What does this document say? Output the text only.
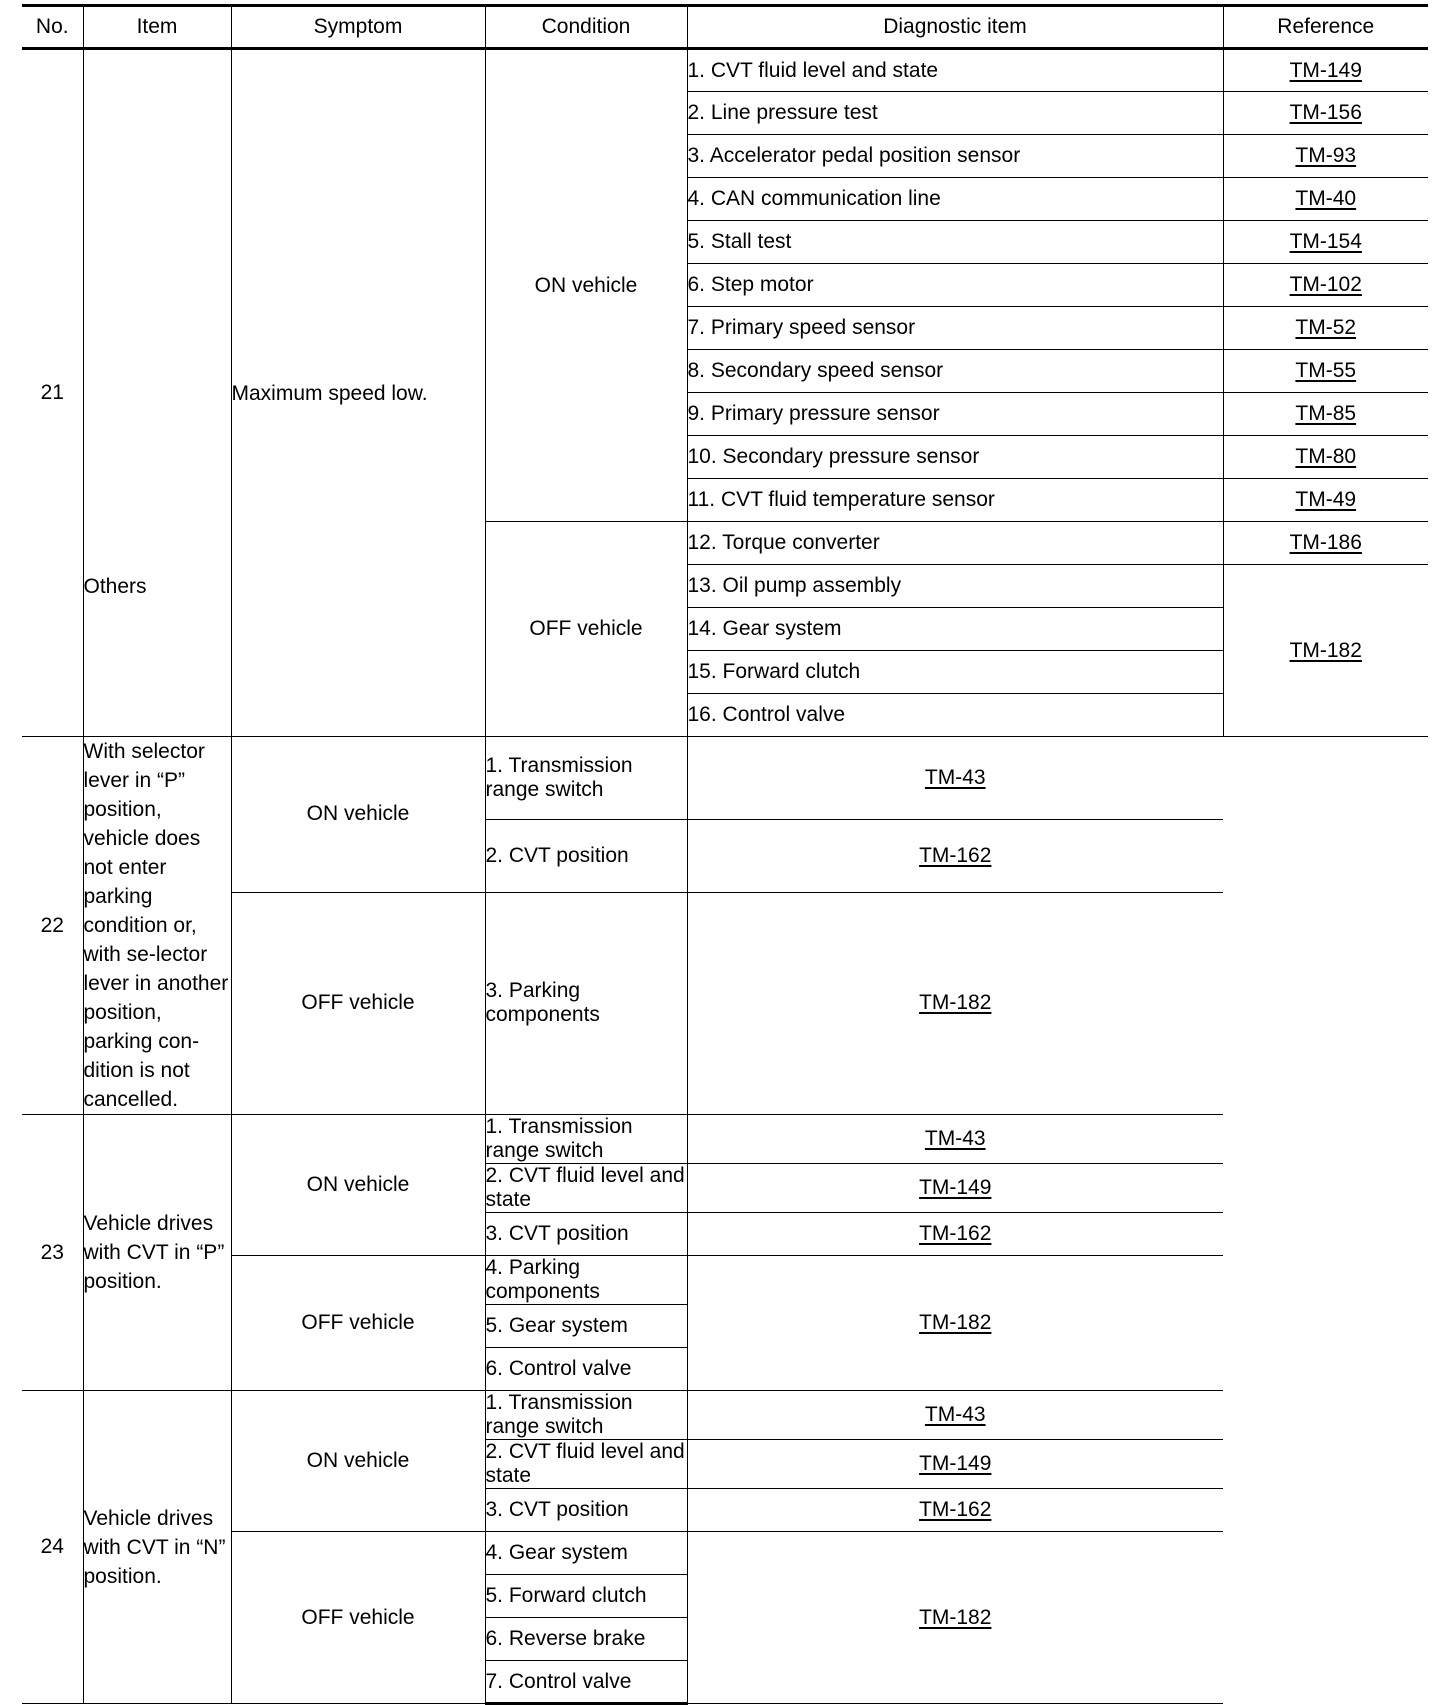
No.	Item	Symptom	Condition	Diagnostic item	Reference
21	Others	Maximum speed low.	ON vehicle	1. CVT fluid level and state	TM-149
				2. Line pressure test	TM-156
				3. Accelerator pedal position sensor	TM-93
				4. CAN communication line	TM-40
				5. Stall test	TM-154
				6. Step motor	TM-102
				7. Primary speed sensor	TM-52
				8. Secondary speed sensor	TM-55
				9. Primary pressure sensor	TM-85
				10. Secondary pressure sensor	TM-80
				11. CVT fluid temperature sensor	TM-49
			OFF vehicle	12. Torque converter	TM-186
				13. Oil pump assembly	TM-182
				14. Gear system	
				15. Forward clutch	
				16. Control valve	
22	With selector lever in “P” position, vehicle does not enter parking condition or, with se-lector lever in another position, parking con-dition is not cancelled.	ON vehicle	1. Transmission range switch	TM-43	
			2. CVT position	TM-162	
		OFF vehicle	3. Parking components	TM-182	
23	Vehicle drives with CVT in “P” position.	ON vehicle	1. Transmission range switch	TM-43	
			2. CVT fluid level and state	TM-149	
			3. CVT position	TM-162	
		OFF vehicle	4. Parking components	TM-182	
			5. Gear system		
			6. Control valve		
24	Vehicle drives with CVT in “N” position.	ON vehicle	1. Transmission range switch	TM-43	
			2. CVT fluid level and state	TM-149	
			3. CVT position	TM-162	
		OFF vehicle	4. Gear system	TM-182	
			5. Forward clutch		
			6. Reverse brake		
			7. Control valve		
